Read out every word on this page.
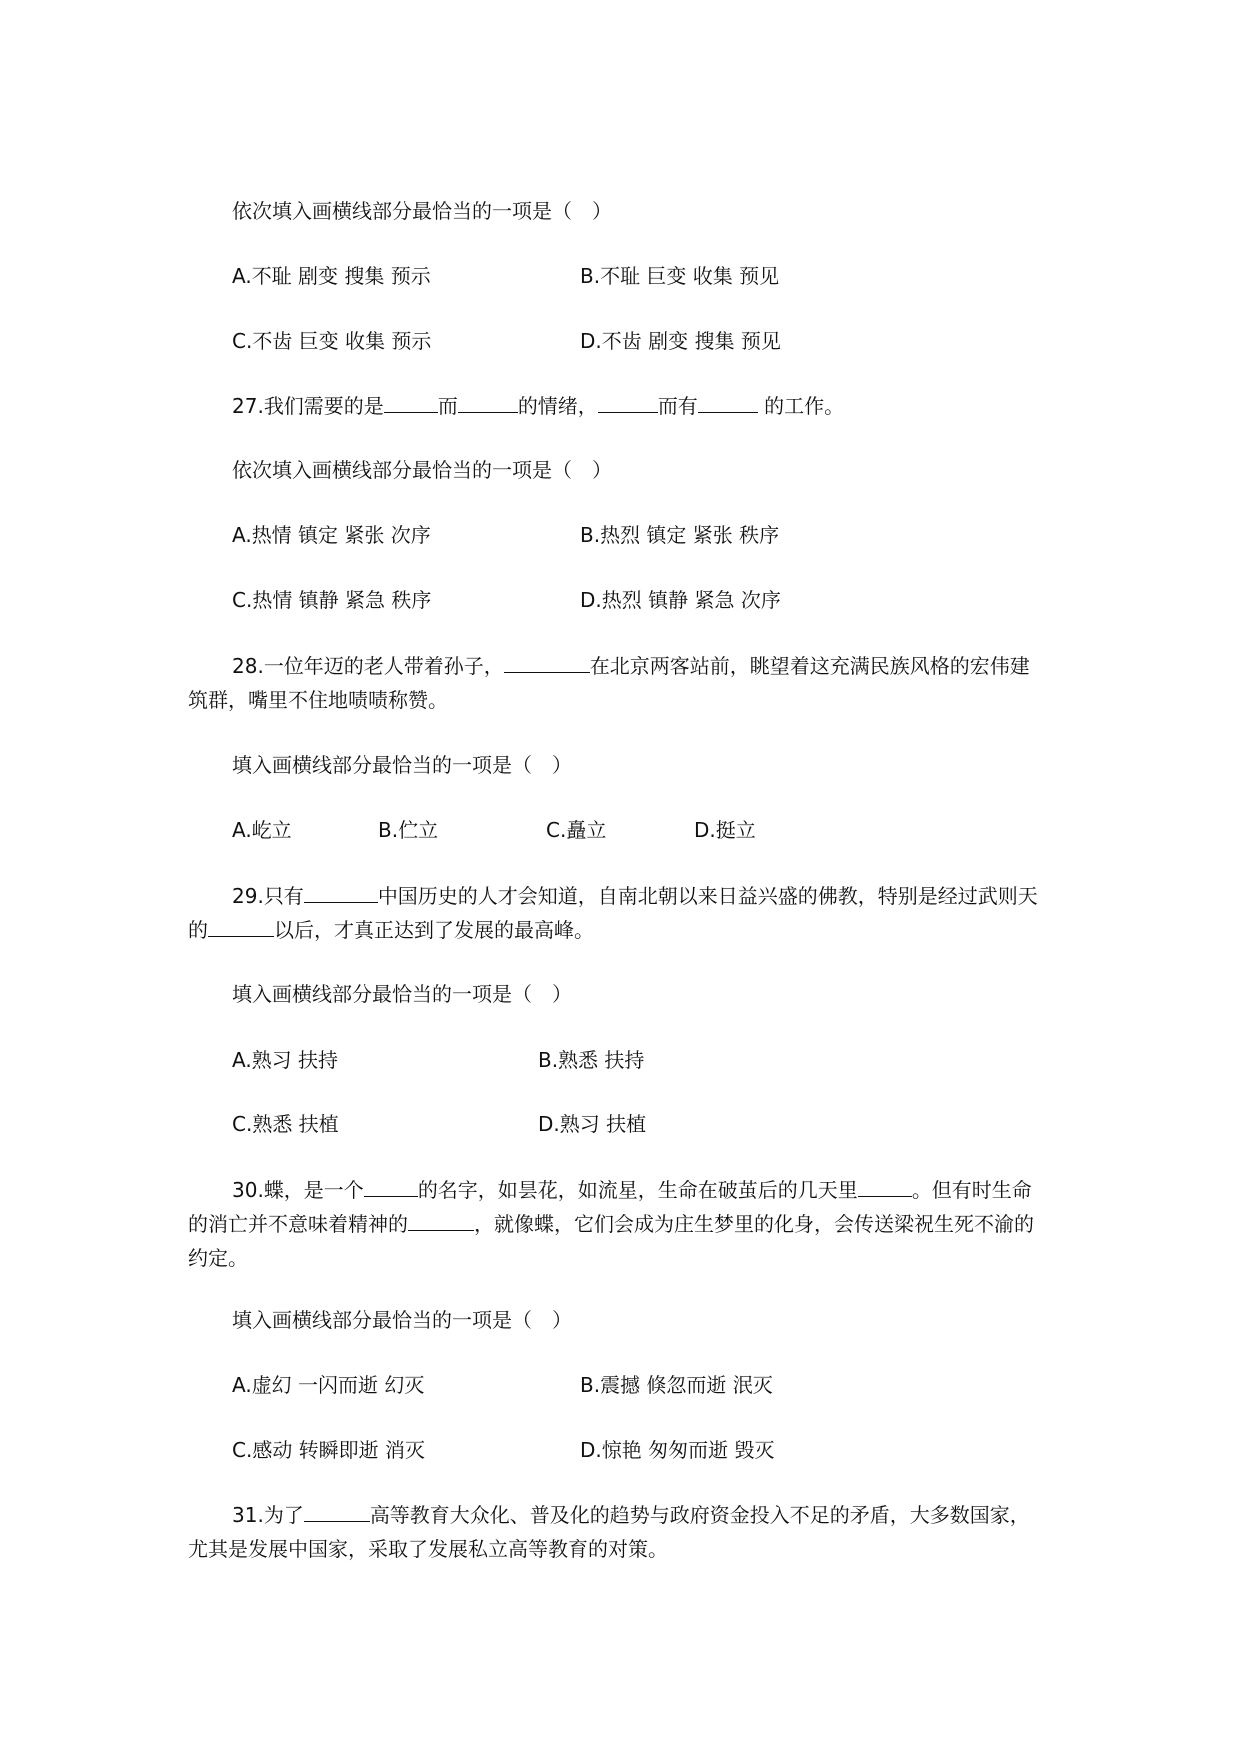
依次填入画横线部分最恰当的一项是（　）
A.不耻 剧变 搜集 预示	B.不耻 巨变 收集 预见
C.不齿 巨变 收集 预示	D.不齿 剧变 搜集 预见
27.我们需要的是	而	的情绪，	而有	的工作。
依次填入画横线部分最恰当的一项是（　）
A.热情 镇定 紧张 次序	B.热烈 镇定 紧张 秩序
C.热情 镇静 紧急 秩序	D.热烈 镇静 紧急 次序
28.一位年迈的老人带着孙子，	在北京两客站前，眺望着这充满民族风格的宏伟建筑群，嘴里不住地啧啧称赞。
填入画横线部分最恰当的一项是（　）
A.屹立	B.伫立	C.矗立	D.挺立
29.只有	中国历史的人才会知道，自南北朝以来日益兴盛的佛教，特别是经过武则天的	以后，才真正达到了发展的最高峰。
填入画横线部分最恰当的一项是（　）
A.熟习 扶持	B.熟悉 扶持
C.熟悉 扶植	D.熟习 扶植
30.蝶，是一个	的名字，如昙花，如流星，生命在破茧后的几天里	。但有时生命的消亡并不意味着精神的	，就像蝶，它们会成为庄生梦里的化身，会传送梁祝生死不渝的约定。
填入画横线部分最恰当的一项是（　）
A.虚幻 一闪而逝 幻灭	B.震撼 倏忽而逝 泯灭
C.感动 转瞬即逝 消灭	D.惊艳 匆匆而逝 毁灭
31.为了	高等教育大众化、普及化的趋势与政府资金投入不足的矛盾，大多数国家，尤其是发展中国家，采取了发展私立高等教育的对策。
